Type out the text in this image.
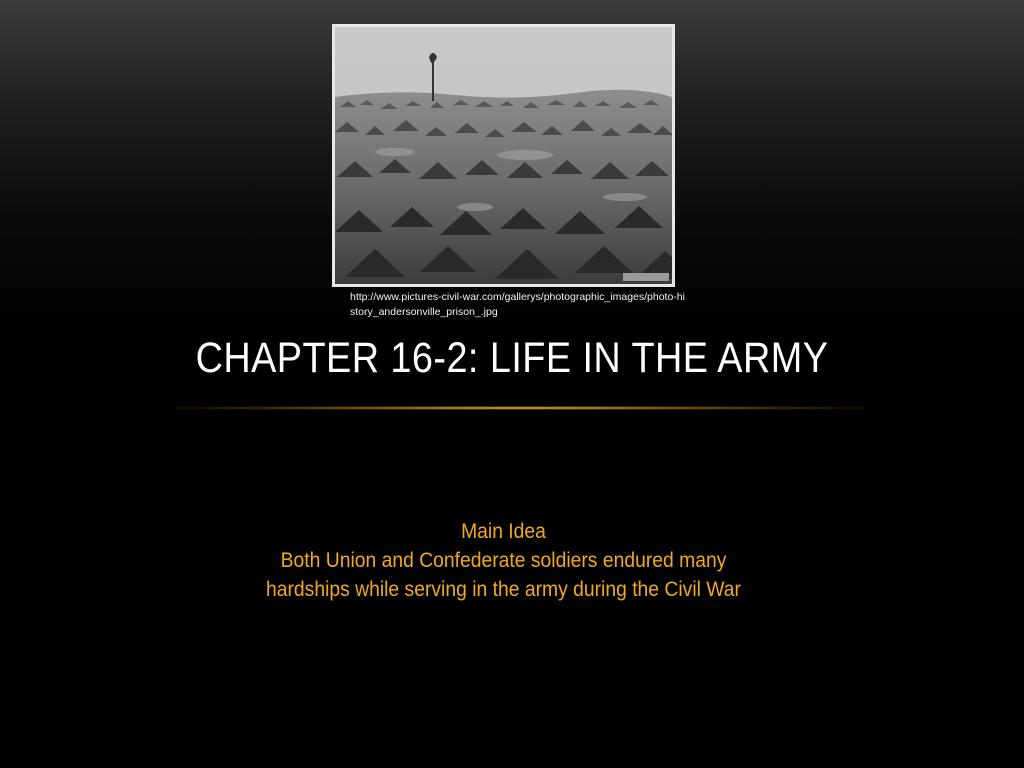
http://www.pictures-civil-war.com/gallerys/photographic_images/photo-history_andersonville_prison_.jpg
CHAPTER 16-2: LIFE IN THE ARMY
Main Idea
Both Union and Confederate soldiers endured many
hardships while serving in the army during the Civil War
